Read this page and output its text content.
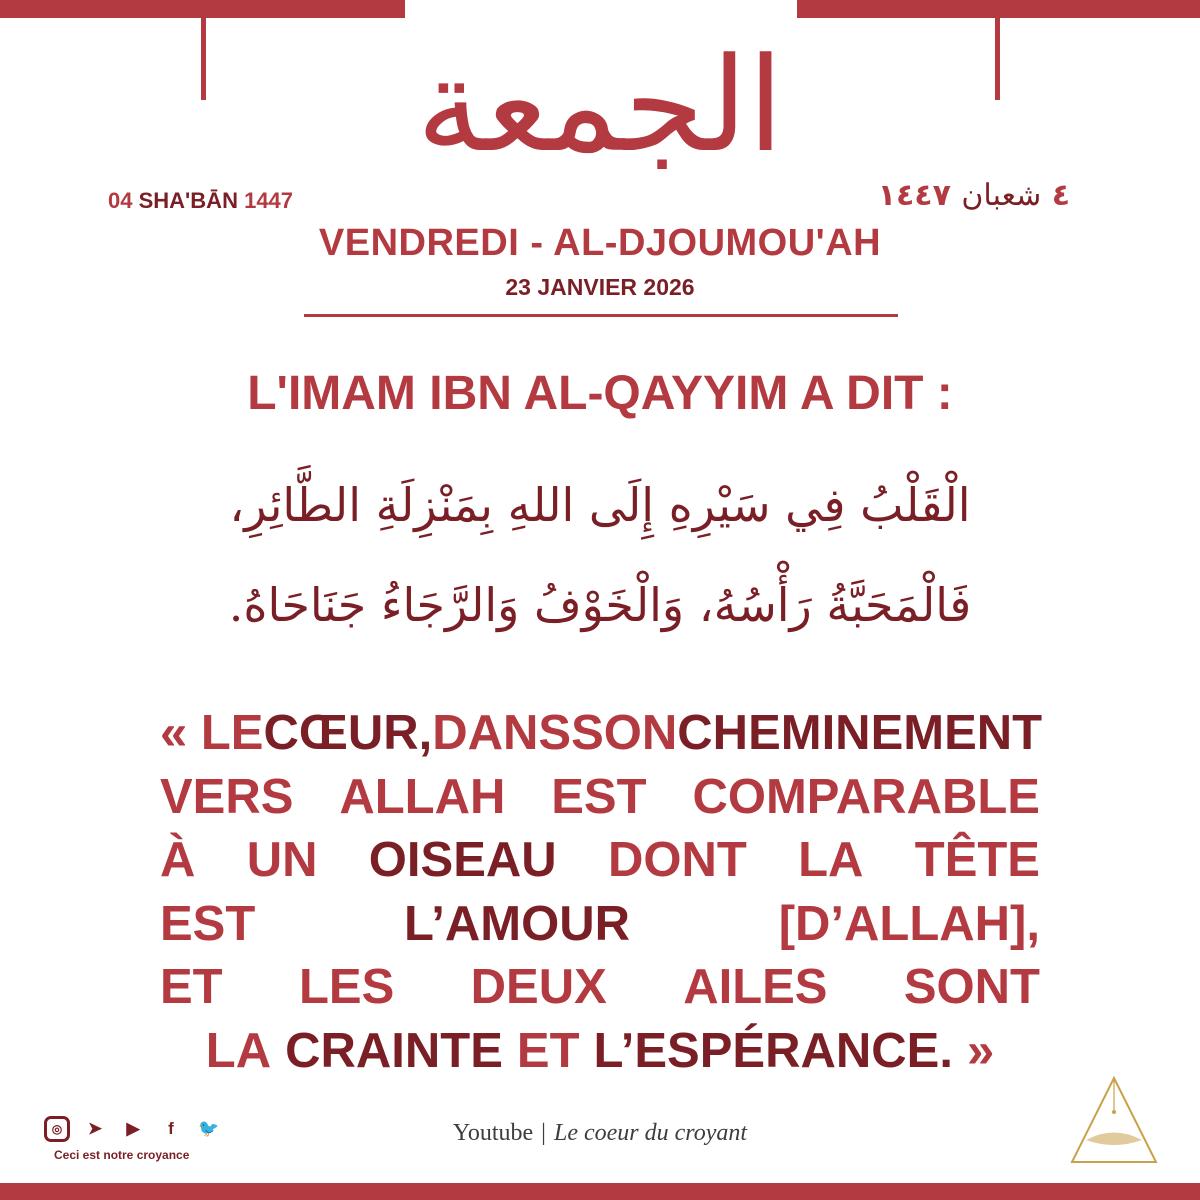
الجمعة
04 SHA'BĀN 1447	٤ شعبان ١٤٤٧
VENDREDI - AL-DJOUMOU'AH
23 JANVIER 2026
L'IMAM IBN AL-QAYYIM A DIT :
الْقَلْبُ فِي سَيْرِهِ إِلَى اللهِ بِمَنْزِلَةِ الطَّائِرِ،
فَالْمَحَبَّةُ رَأْسُهُ، وَالْخَوْفُ وَالرَّجَاءُ جَنَاحَاهُ.
« LE CŒUR, DANS SON CHEMINEMENT
VERS ALLAH EST COMPARABLE
À UN OISEAU DONT LA TÊTE
EST	L’AMOUR	[D’ALLAH],
ET LES DEUX AILES SONT
LA CRAINTE ET L’ESPÉRANCE. »
◎	➤	▶	f	🐦
Ceci est notre croyance
Youtube | Le coeur du croyant
